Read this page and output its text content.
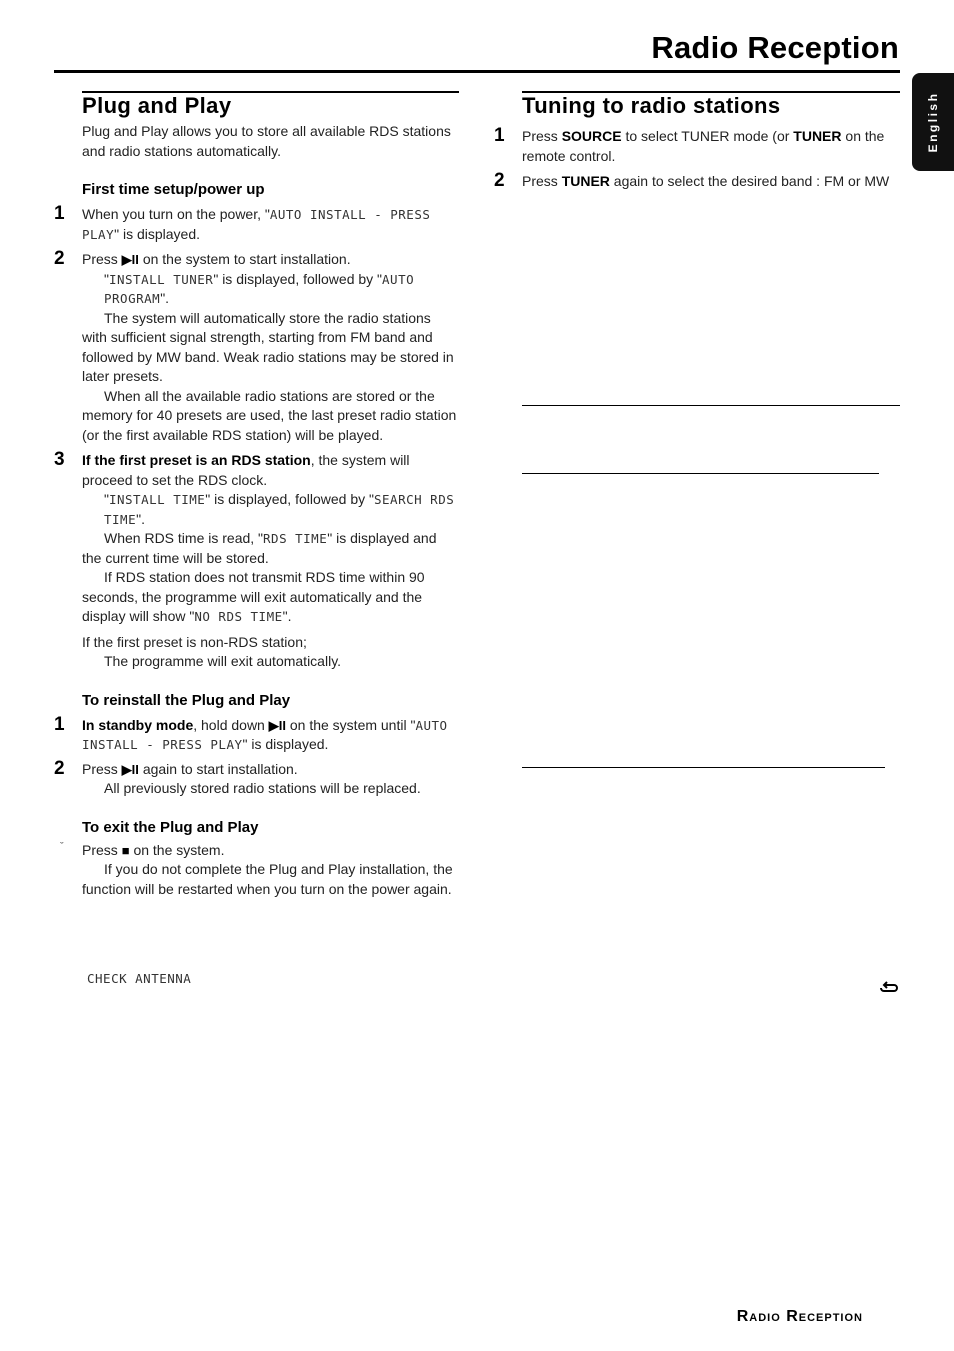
Radio Reception
English
Plug and Play

Plug and Play allows you to store all available RDS stations and radio stations automatically.

First time setup/power up
1 When you turn on the power, "AUTO INSTALL - PRESS PLAY" is displayed.

2 Press ▶II on the system to start installation.

"INSTALL TUNER" is displayed, followed by "AUTO PROGRAM".

The system will automatically store the radio stations with sufficient signal strength, starting from FM band and followed by MW band. Weak radio stations may be stored in later presets.

When all the available radio stations are stored or the memory for 40 presets are used, the last preset radio station (or the first available RDS station) will be played.

3 If the first preset is an RDS station, the system will proceed to set the RDS clock.

"INSTALL TIME" is displayed, followed by "SEARCH RDS TIME".

When RDS time is read, "RDS TIME" is displayed and the current time will be stored.

If RDS station does not transmit RDS time within 90 seconds, the programme will exit automatically and the display will show "NO RDS TIME".

If the first preset is non-RDS station;

The programme will exit automatically.

To reinstall the Plug and Play
1 In standby mode, hold down ▶II on the system until "AUTO INSTALL - PRESS PLAY" is displayed.

2 Press ▶II again to start installation.

All previously stored radio stations will be replaced.

To exit the Plug and Play
ˇ Press ■ on the system.

If you do not complete the Plug and Play installation, the function will be restarted when you turn on the power again.

CHECK ANTENNA
Tuning to radio stations
1 Press SOURCE to select TUNER mode (or TUNER on the remote control.

2 Press TUNER again to select the desired band : FM or MW

Radio Reception
